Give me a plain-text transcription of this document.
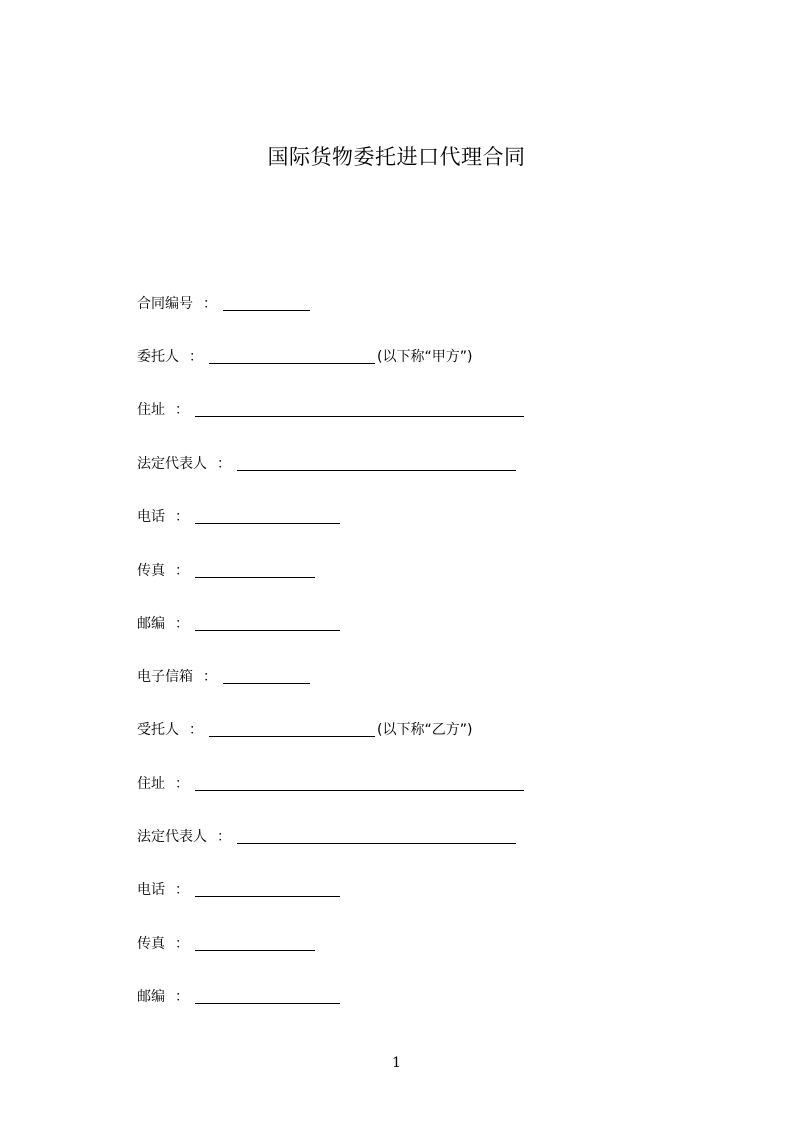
国际货物委托进口代理合同
合同编号 ：
委托人 ：	(以下称“甲方”)
住址 ：
法定代表人 ：
电话 ：
传真 ：
邮编 ：
电子信箱 ：
受托人 ：	(以下称“乙方”)
住址 ：
法定代表人 ：
电话 ：
传真 ：
邮编 ：
1
